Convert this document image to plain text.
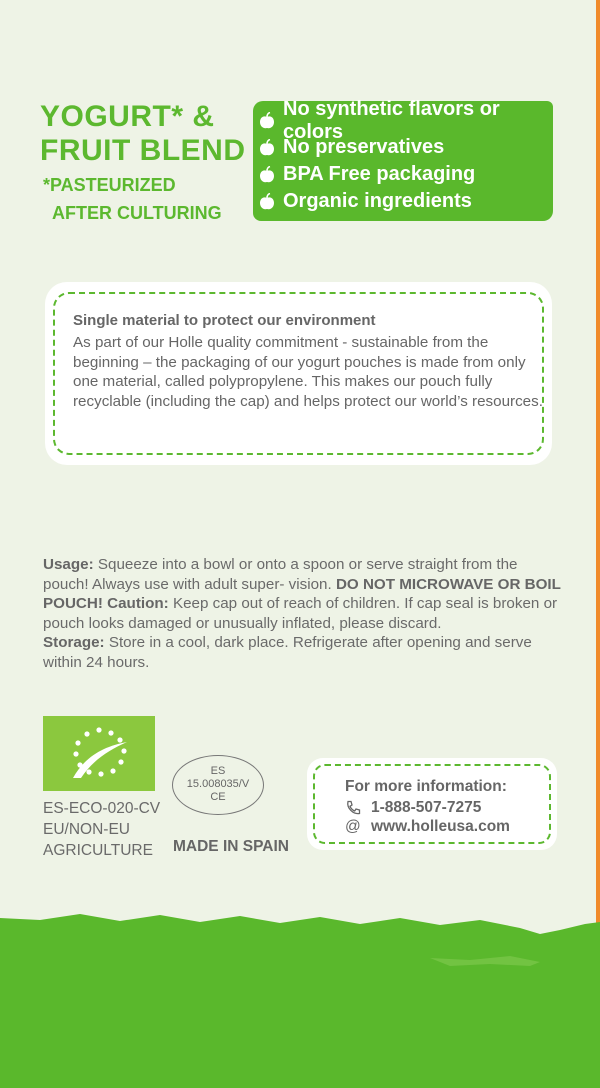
YOGURT* &
FRUIT BLEND
*PASTEURIZED
AFTER CULTURING
No synthetic flavors or colors
No preservatives
BPA Free packaging
Organic ingredients
Single material to protect our environment
As part of our Holle quality commitment - sustainable from the beginning – the packaging of our yogurt pouches is made from only one material, called polypropylene. This makes our pouch fully recyclable (including the cap) and helps protect our world’s resources.
Usage: Squeeze into a bowl or onto a spoon or serve straight from the pouch! Always use with adult super- vision. DO NOT MICROWAVE OR BOIL POUCH! Caution: Keep cap out of reach of children. If cap seal is broken or pouch looks damaged or unusually inflated, please discard.
Storage: Store in a cool, dark place. Refrigerate after opening and serve within 24 hours.
ES-ECO-020-CV
EU/NON-EU
AGRICULTURE
ES
15.008035/V
CE
MADE IN SPAIN
For more information:
1-888-507-7275
@ www.holleusa.com
